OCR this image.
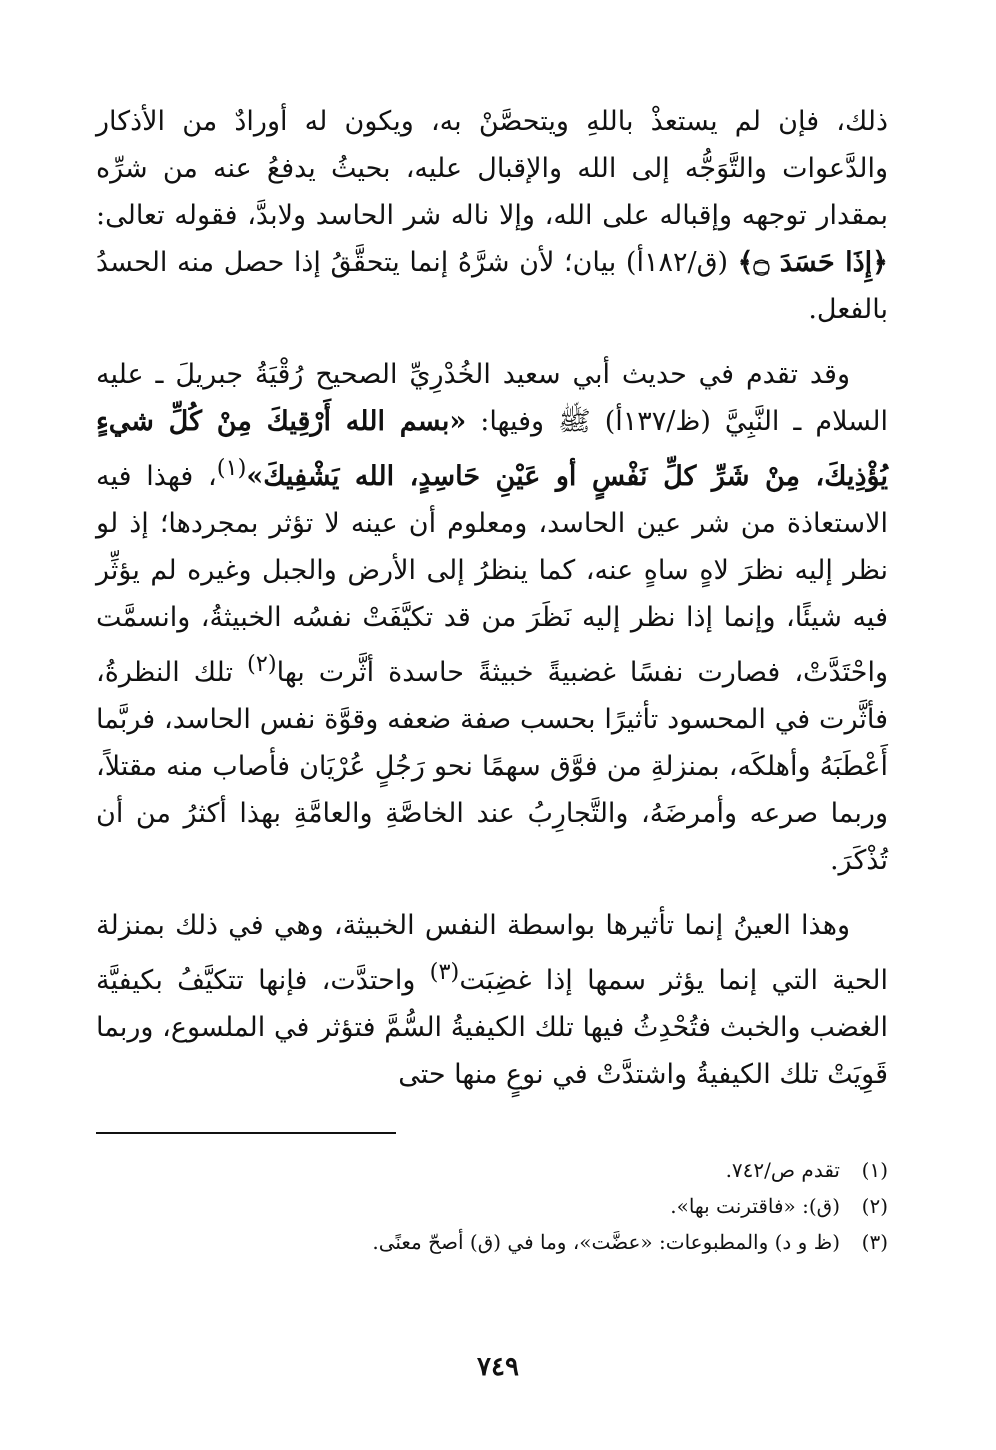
ذلك، فإن لم يستعذْ باللهِ ويتحصَّنْ به، ويكون له أورادٌ من الأذكار والدَّعوات والتَّوَجُّه إلى الله والإقبال عليه، بحيثُ يدفعُ عنه من شرِّه بمقدار توجهه وإقباله على الله، وإلا ناله شر الحاسد ولابدَّ، فقوله تعالى: ﴿إِذَا حَسَدَ ۝﴾ (ق/١٨٢أ) بيان؛ لأن شرَّهُ إنما يتحقَّقُ إذا حصل منه الحسدُ بالفعل.

وقد تقدم في حديث أبي سعيد الخُدْرِيِّ الصحيح رُقْيَةُ جبريلَ ـ عليه السلام ـ النَّبِيَّ (ظ/١٣٧أ) ﷺ وفيها: «بسم الله أَرْقِيكَ مِنْ كُلِّ شيءٍ يُؤْذِيكَ، مِنْ شَرِّ كلِّ نَفْسٍ أو عَيْنِ حَاسِدٍ، الله يَشْفِيكَ»$^{(١)}$، فهذا فيه الاستعاذة من شر عين الحاسد، ومعلوم أن عينه لا تؤثر بمجردها؛ إذ لو نظر إليه نظرَ لاهٍ ساهٍ عنه، كما ينظرُ إلى الأرض والجبل وغيره لم يؤثِّر فيه شيئًا، وإنما إذا نظر إليه نَظَرَ من قد تكيَّفَتْ نفسُه الخبيثةُ، وانسمَّت واحْتَدَّتْ، فصارت نفسًا غضبيةً خبيثةً حاسدة أثَّرت بها$^{(٢)}$ تلك النظرةُ، فأثَّرت في المحسود تأثيرًا بحسب صفة ضعفه وقوَّة نفس الحاسد، فربَّما أَعْطَبَهُ وأهلكَه، بمنزلةِ من فوَّق سهمًا نحو رَجُلٍ عُرْيَان فأصاب منه مقتلاً، وربما صرعه وأمرضَهُ، والتَّجارِبُ عند الخاصَّةِ والعامَّةِ بهذا أكثرُ من أن تُذْكَرَ.

وهذا العينُ إنما تأثيرها بواسطة النفس الخبيثة، وهي في ذلك بمنزلة الحية التي إنما يؤثر سمها إذا غضِبَت$^{(٣)}$ واحتدَّت، فإنها تتكيَّفُ بكيفيَّة الغضب والخبث فتُحْدِثُ فيها تلك الكيفيةُ السُّمَّ فتؤثر في الملسوع، وربما قَوِيَتْ تلك الكيفيةُ واشتدَّتْ في نوعٍ منها حتى

(١)تقدم ص/٧٤٢.
(٢)(ق): «فاقترنت بها».
(٣)(ظ و د) والمطبوعات: «عضَّت»، وما في (ق) أصحّ معنًى.
٧٤٩
